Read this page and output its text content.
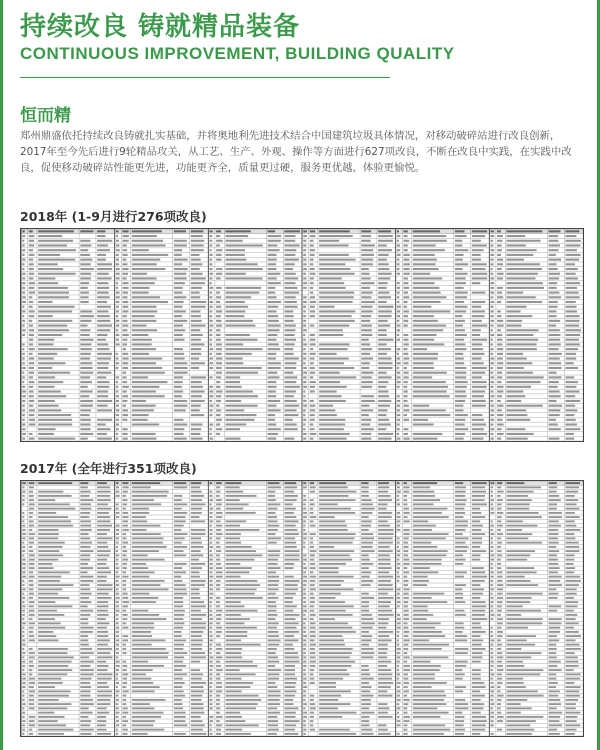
持续改良 铸就精品装备
CONTINUOUS IMPROVEMENT, BUILDING QUALITY
恒而精
郑州鼎盛依托持续改良铸就扎实基础，并将奥地利先进技术结合中国建筑垃圾具体情况，对移动破碎站进行改良创新，2017年至今先后进行9轮精品攻关，从工艺、生产、外观、操作等方面进行627项改良，不断在改良中实践，在实践中改良，促使移动破碎站性能更先进，功能更齐全，质量更过硬，服务更优越，体验更愉悦。
2018年 (1-9月进行276项改良)
2017年 (全年进行351项改良)
